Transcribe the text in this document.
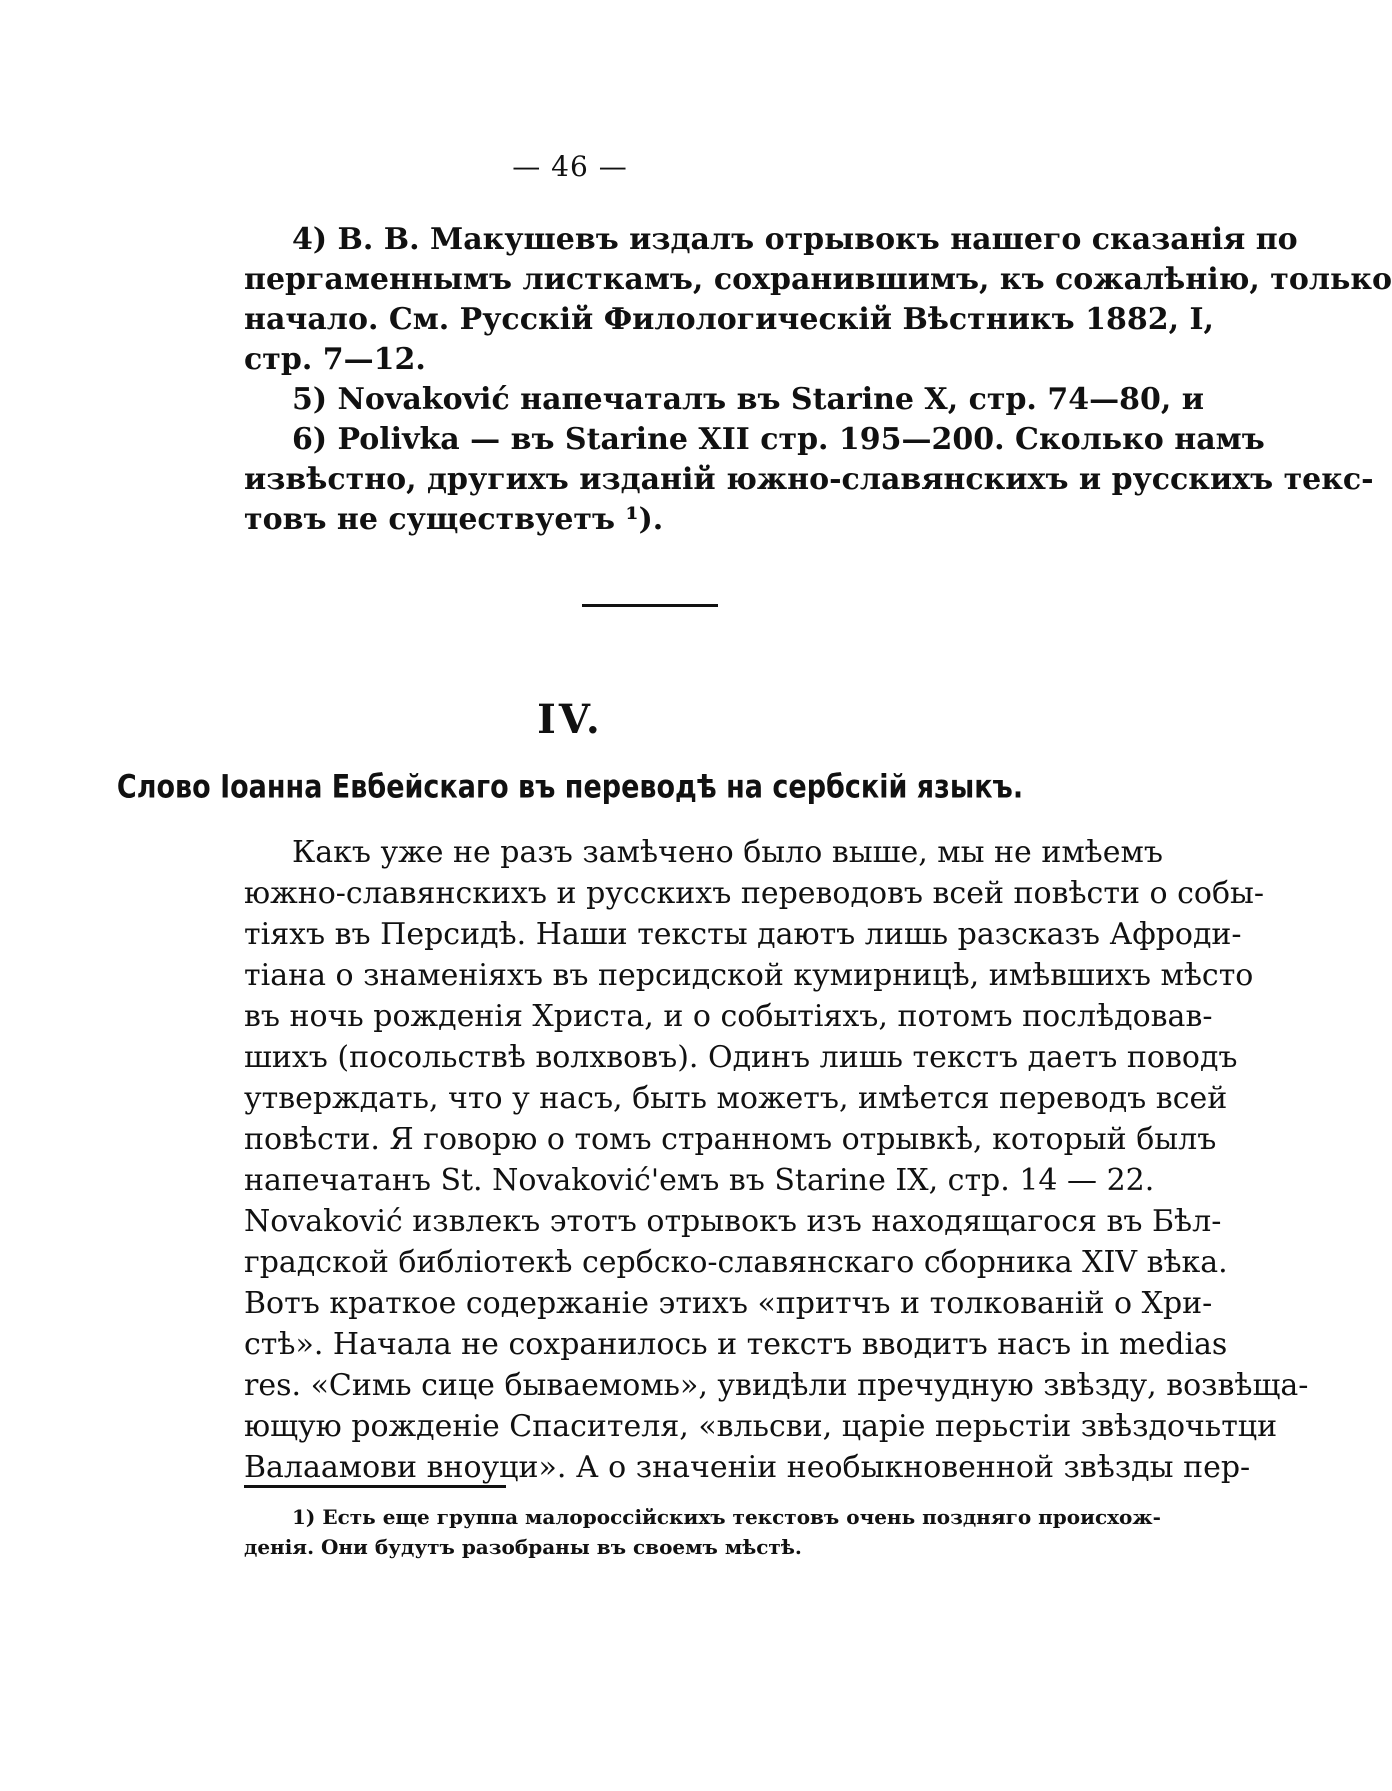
— 46 —
4) В. В. Макушевъ издалъ отрывокъ нашего сказанія по
пергаменнымъ листкамъ, сохранившимъ, къ сожалѣнію, только
начало. См. Русскій Филологическій Вѣстникъ 1882, I,
стр. 7—12.
5) Novaković напечаталъ въ Starine X, стр. 74—80, и
6) Polivka — въ Starine XII стр. 195—200. Сколько намъ
извѣстно, другихъ изданій южно-славянскихъ и русскихъ текс-
товъ не существуетъ ¹).
IV.
Слово Іоанна Евбейскаго въ переводѣ на сербскій языкъ.
Какъ уже не разъ замѣчено было выше, мы не имѣемъ
южно-славянскихъ и русскихъ переводовъ всей повѣсти о собы-
тіяхъ въ Персидѣ. Наши тексты даютъ лишь разсказъ Афроди-
тіана о знаменіяхъ въ персидской кумирницѣ, имѣвшихъ мѣсто
въ ночь рожденія Христа, и о событіяхъ, потомъ послѣдовав-
шихъ (посольствѣ волхвовъ). Одинъ лишь текстъ даетъ поводъ
утверждать, что у насъ, быть можетъ, имѣется переводъ всей
повѣсти. Я говорю о томъ странномъ отрывкѣ, который былъ
напечатанъ St. Novaković'емъ въ Starine IX, стр. 14 — 22.
Novaković извлекъ этотъ отрывокъ изъ находящагося въ Бѣл-
градской библіотекѣ сербско-славянскаго сборника XIV вѣка.
Вотъ краткое содержаніе этихъ «притчъ и толкованій о Хри-
стѣ». Начала не сохранилось и текстъ вводитъ насъ in medias
res. «Симь сице бываемомь», увидѣли пречудную звѣзду, возвѣща-
ющую рожденіе Спасителя, «вльсви, царіе перьстіи звѣздочьтци
Валаамови вноуци». А о значеніи необыкновенной звѣзды пер-
1) Есть еще группа малороссійскихъ текстовъ очень поздняго происхож-
денія. Они будутъ разобраны въ своемъ мѣстѣ.
